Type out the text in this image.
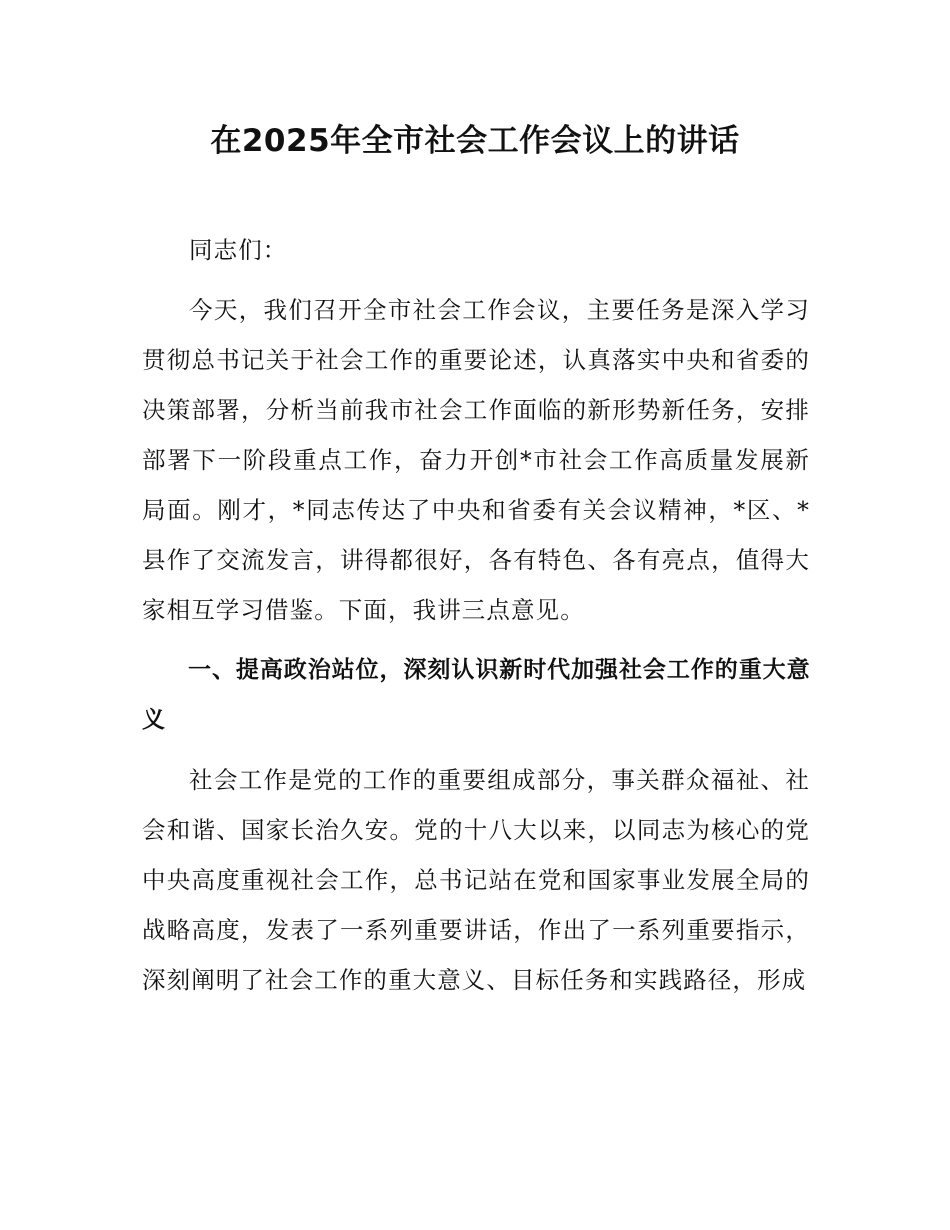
在2025年全市社会工作会议上的讲话

同志们：

今天，我们召开全市社会工作会议，主要任务是深入学习贯彻总书记关于社会工作的重要论述，认真落实中央和省委的决策部署，分析当前我市社会工作面临的新形势新任务，安排部署下一阶段重点工作，奋力开创*市社会工作高质量发展新局面。刚才，*同志传达了中央和省委有关会议精神，*区、*县作了交流发言，讲得都很好，各有特色、各有亮点，值得大家相互学习借鉴。下面，我讲三点意见。

一、提高政治站位，深刻认识新时代加强社会工作的重大意义

社会工作是党的工作的重要组成部分，事关群众福祉、社会和谐、国家长治久安。党的十八大以来，以同志为核心的党中央高度重视社会工作，总书记站在党和国家事业发展全局的战略高度，发表了一系列重要讲话，作出了一系列重要指示，深刻阐明了社会工作的重大意义、目标任务和实践路径，形成
